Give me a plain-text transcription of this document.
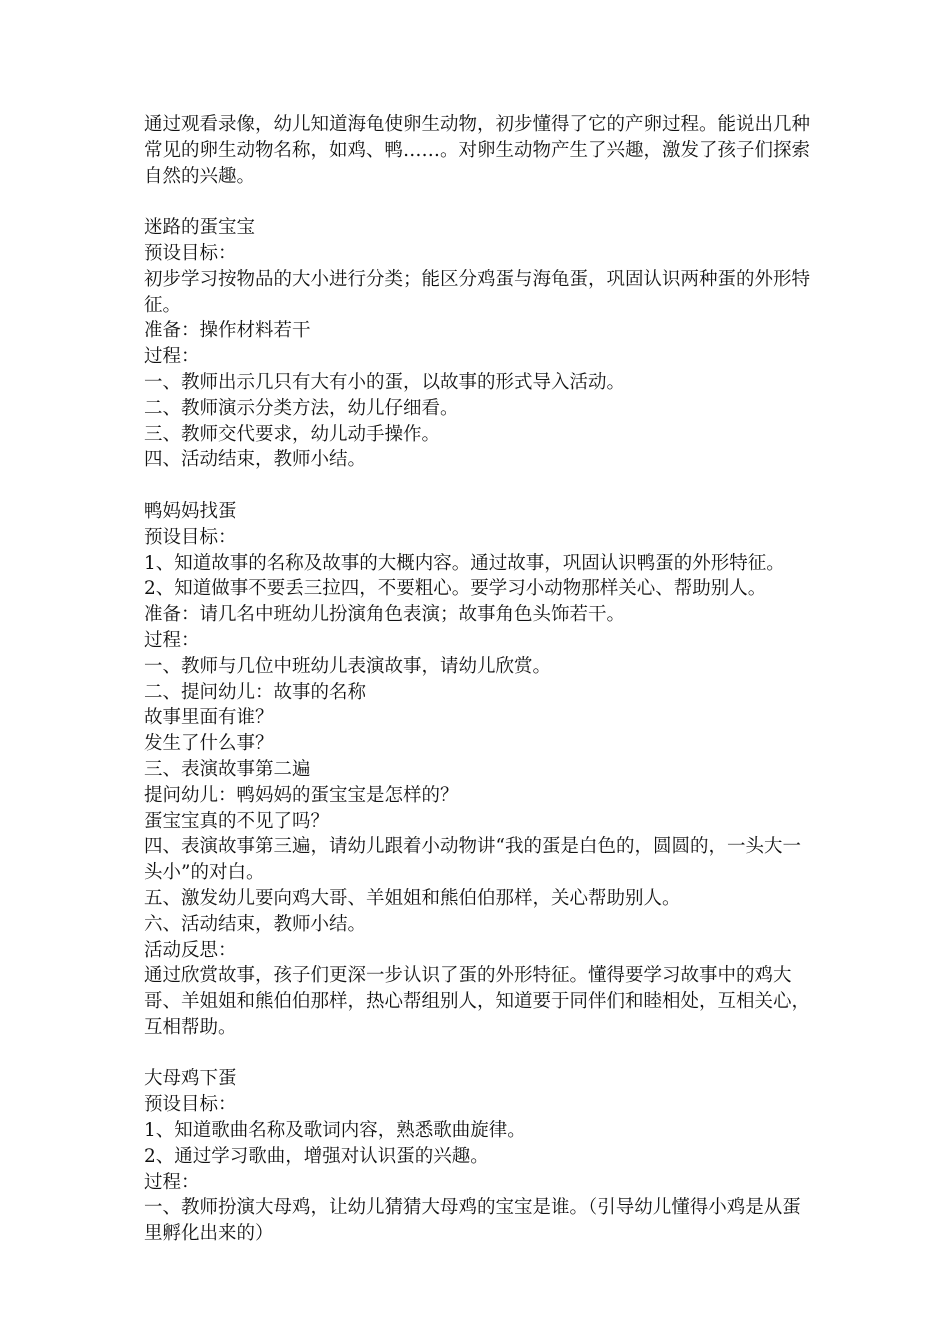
通过观看录像，幼儿知道海龟使卵生动物，初步懂得了它的产卵过程。能说出几种常见的卵生动物名称，如鸡、鸭……。对卵生动物产生了兴趣，激发了孩子们探索自然的兴趣。
迷路的蛋宝宝
预设目标：
初步学习按物品的大小进行分类；能区分鸡蛋与海龟蛋，巩固认识两种蛋的外形特征。
准备：操作材料若干
过程：
一、教师出示几只有大有小的蛋，以故事的形式导入活动。
二、教师演示分类方法，幼儿仔细看。
三、教师交代要求，幼儿动手操作。
四、活动结束，教师小结。
鸭妈妈找蛋
预设目标：
1、知道故事的名称及故事的大概内容。通过故事，巩固认识鸭蛋的外形特征。
2、知道做事不要丢三拉四，不要粗心。要学习小动物那样关心、帮助别人。
准备：请几名中班幼儿扮演角色表演；故事角色头饰若干。
过程：
一、教师与几位中班幼儿表演故事，请幼儿欣赏。
二、提问幼儿：故事的名称
故事里面有谁？
发生了什么事？
三、表演故事第二遍
提问幼儿：鸭妈妈的蛋宝宝是怎样的？
蛋宝宝真的不见了吗？
四、表演故事第三遍，请幼儿跟着小动物讲“我的蛋是白色的，圆圆的，一头大一头小”的对白。
五、激发幼儿要向鸡大哥、羊姐姐和熊伯伯那样，关心帮助别人。
六、活动结束，教师小结。
活动反思：
通过欣赏故事，孩子们更深一步认识了蛋的外形特征。懂得要学习故事中的鸡大哥、羊姐姐和熊伯伯那样，热心帮组别人，知道要于同伴们和睦相处，互相关心，互相帮助。
大母鸡下蛋
预设目标：
1、知道歌曲名称及歌词内容，熟悉歌曲旋律。
2、通过学习歌曲，增强对认识蛋的兴趣。
过程：
一、教师扮演大母鸡，让幼儿猜猜大母鸡的宝宝是谁。（引导幼儿懂得小鸡是从蛋里孵化出来的）
